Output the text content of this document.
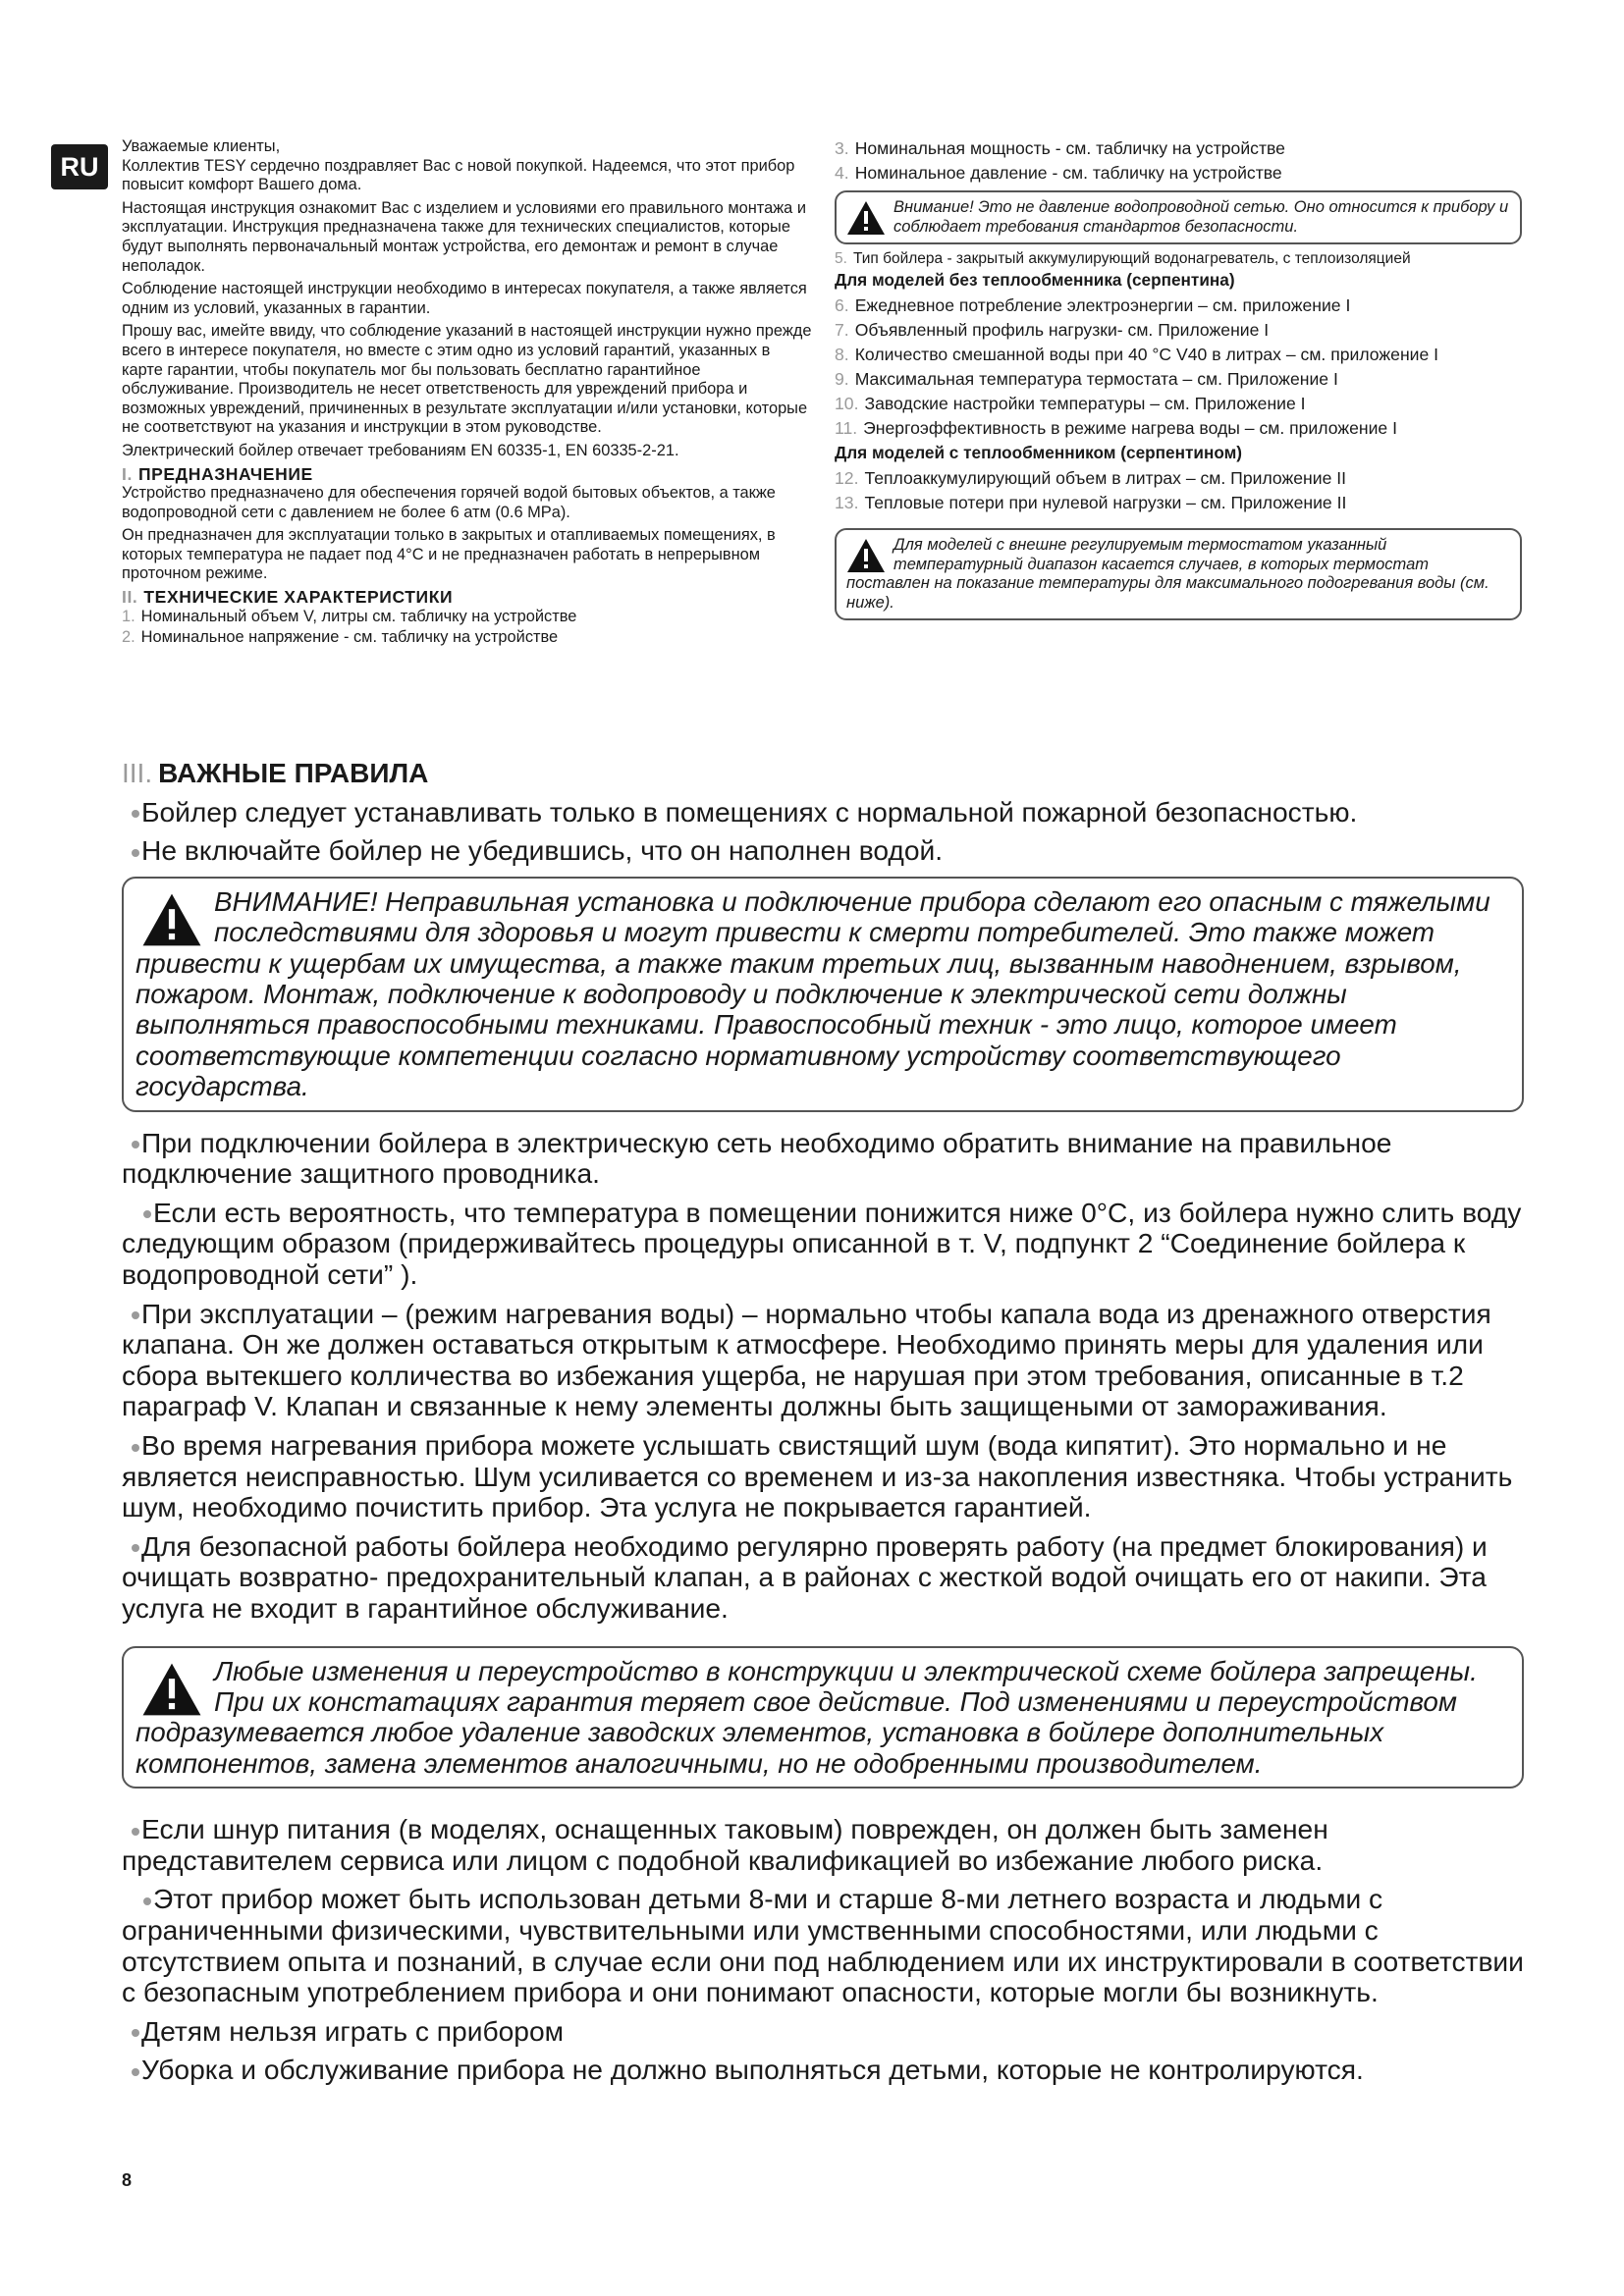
RU

Уважаемые клиенты,

Коллектив TESY сердечно поздравляет Вас с новой покупкой. Надеемся, что этот прибор повысит комфорт Вашего дома.

Настоящая инструкция ознакомит Вас с изделием и условиями его правильного монтажа и эксплуатации. Инструкция предназначена также для технических специалистов, которые будут выполнять первоначальный монтаж устройства, его демонтаж и ремонт в случае неполадок.

Соблюдение настоящей инструкции необходимо в интересах покупателя, а также является одним из условий, указанных в гарантии.

Прошу вас, имейте ввиду, что соблюдение указаний в настоящей инструкции нужно прежде всего в интересе покупателя, но вместе с этим одно из условий гарантий, указанных в карте гарантии, чтобы покупатель мог бы пользовать бесплатно гарантийное обслуживание. Производитель не несет ответственость для увреждений прибора и возможных увреждений, причиненных в результате эксплуатации и/или установки, которые не соответствуют на указания и инструкции в этом руководстве.

Электрический бойлер отвечает требованиям EN 60335-1, EN 60335-2-21.

I. ПРЕДНАЗНАЧЕНИЕ

Устройство предназначено для обеспечения горячей водой бытовых объектов, а также водопроводной сети с давлением не более 6 атм (0.6 MPa).

Он предназначен для эксплуатации только в закрытых и отапливаемых помещениях, в которых температура не падает под 4°C и не предназначен работать в непрерывном проточном режиме.

II. ТЕХНИЧЕСКИЕ ХАРАКТЕРИСТИКИ

1. Номинальный объем V, литры см. табличку на устройстве

2. Номинальное напряжение - см. табличку на устройстве

3. Номинальная мощность - см. табличку на устройстве

4. Номинальное давление - см. табличку на устройстве

Внимание! Это не давление водопроводной сетью. Оно относится к прибору и соблюдает требования стандартов безопасности.

5. Тип бойлера - закрытый аккумулирующий водонагреватель, с теплоизоляцией

Для моделей без теплообменника (серпентина)

6. Ежедневное потребление электроэнергии – см. приложение I

7. Объявленный профиль нагрузки- см. Приложение I

8. Количество смешанной воды при 40 °С V40 в литрах – см. приложение I

9. Максимальная температура термостата – см. Приложение I

10. Заводские настройки температуры – см. Приложение I

11. Энергоэффективность в режиме нагрева воды – см. приложение I

Для моделей с теплообменником (серпентином)

12. Теплоаккумулирующий объем в литрах – см. Приложение II

13. Тепловые потери при нулевой нагрузки – см. Приложение II

Для моделей с внешне регулируемым термостатом указанный температурный диапазон касается случаев, в которых термостат поставлен на показание температуры для максимального подогревания воды (см. ниже).

III. ВАЖНЫЕ ПРАВИЛА

Бойлер следует устанавливать только в помещениях с нормальной пожарной безопасностью.

Не включайте бойлер не убедившись, что он наполнен водой.

ВНИМАНИЕ! Неправильная установка и подключение прибора сделают его опасным с тяжелыми последствиями для здоровья и могут привести к смерти потребителей. Это также может привести к ущербам их имущества, а также таким третьих лиц, вызванным наводнением, взрывом, пожаром. Монтаж, подключение к водопроводу и подключение к электрической сети должны выполняться правоспособными техниками. Правоспособный техник - это лицо, которое имеет соответствующие компетенции согласно нормативному устройству соответствующего государства.

При подключении бойлера в электрическую сеть необходимо обратить внимание на правильное подключение защитного проводника.

Если есть вероятность, что температура в помещении понижится ниже 0°C, из бойлера нужно слить воду следующим образом (придерживайтесь процедуры описанной в т. V, подпункт 2 “Соединение бойлера к водопроводной сети” ).

При эксплуатации – (режим нагревания воды) – нормально чтобы капала вода из дренажного отверстия клапана. Он же должен оставаться открытым к атмосфере. Необходимо принять меры для удаления или сбора вытекшего колличества во избежания ущерба, не нарушая при этом требования, описанные в т.2 параграф V. Клапан и связанные к нему элементы должны быть защищеными от замораживания.

Во время нагревания прибора можете услышать свистящий шум (вода кипятит). Это нормально и не является неисправностью. Шум усиливается со временем и из-за накопления известняка. Чтобы устранить шум, необходимо почистить прибор. Эта услуга не покрывается гарантией.

Для безопасной работы бойлера необходимо регулярно проверять работу (на предмет блокирования) и очищать возвратно- предохранительный клапан, а в районах с жесткой водой очищать его от накипи. Эта услуга не входит в гарантийное обслуживание.

Любые изменения и переустройство в конструкции и электрической схеме бойлера запрещены. При их констатациях гарантия теряет свое действие. Под изменениями и переустройством подразумевается любое удаление заводских элементов, установка в бойлере дополнительных компонентов, замена элементов аналогичными, но не одобренными производителем.

Если шнур питания (в моделях, оснащенных таковым) поврежден, он должен быть заменен представителем сервиса или лицом с подобной квалификацией во избежание любого риска.

Этот прибор может быть использован детьми 8-ми и старше 8-ми летнего возраста и людьми с ограниченными физическими, чувствительными или умственными способностями, или людьми с отсутствием опыта и познаний, в случае если они под наблюдением или их инструктировали в соответствии с безопасным употреблением прибора и они понимают опасности, которые могли бы возникнуть.

Детям нельзя играть с прибором

Уборка и обслуживание прибора не должно выполняться детьми, которые не контролируются.

8
